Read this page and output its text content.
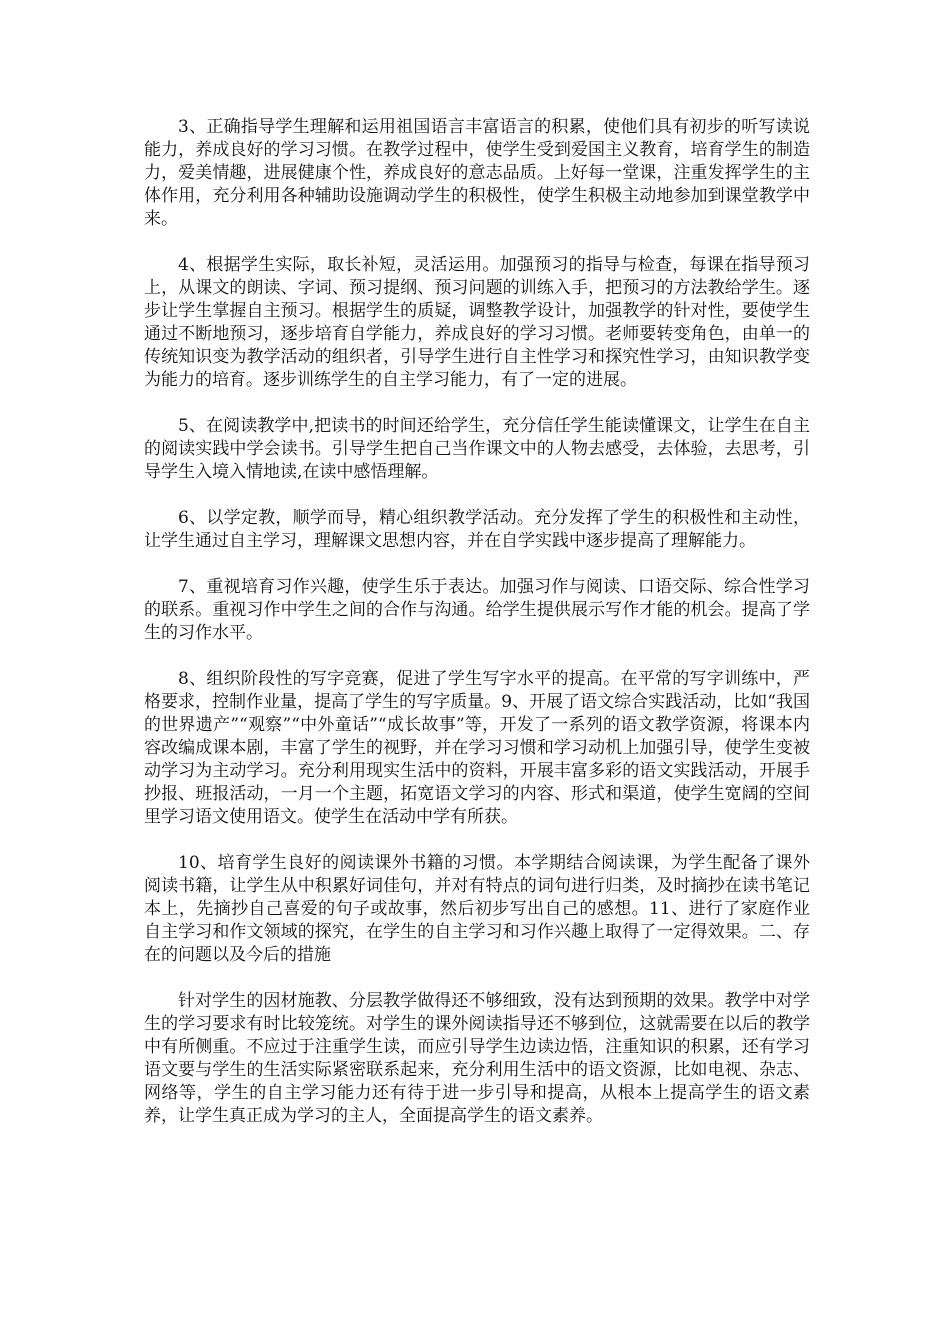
3、正确指导学生理解和运用祖国语言丰富语言的积累，使他们具有初步的听写读说能力，养成良好的学习习惯。在教学过程中，使学生受到爱国主义教育，培育学生的制造力，爱美情趣，进展健康个性，养成良好的意志品质。上好每一堂课，注重发挥学生的主体作用，充分利用各种辅助设施调动学生的积极性，使学生积极主动地参加到课堂教学中来。

4、根据学生实际，取长补短，灵活运用。加强预习的指导与检查，每课在指导预习上，从课文的朗读、字词、预习提纲、预习问题的训练入手，把预习的方法教给学生。逐步让学生掌握自主预习。根据学生的质疑，调整教学设计，加强教学的针对性，要使学生通过不断地预习，逐步培育自学能力，养成良好的学习习惯。老师要转变角色，由单一的传统知识变为教学活动的组织者，引导学生进行自主性学习和探究性学习，由知识教学变为能力的培育。逐步训练学生的自主学习能力，有了一定的进展。

5、在阅读教学中,把读书的时间还给学生，充分信任学生能读懂课文，让学生在自主的阅读实践中学会读书。引导学生把自己当作课文中的人物去感受，去体验，去思考，引导学生入境入情地读,在读中感悟理解。

6、以学定教，顺学而导，精心组织教学活动。充分发挥了学生的积极性和主动性，让学生通过自主学习，理解课文思想内容，并在自学实践中逐步提高了理解能力。

7、重视培育习作兴趣，使学生乐于表达。加强习作与阅读、口语交际、综合性学习的联系。重视习作中学生之间的合作与沟通。给学生提供展示写作才能的机会。提高了学生的习作水平。

8、组织阶段性的写字竞赛，促进了学生写字水平的提高。在平常的写字训练中，严格要求，控制作业量，提高了学生的写字质量。9、开展了语文综合实践活动，比如“我国的世界遗产”“观察”“中外童话”“成长故事”等，开发了一系列的语文教学资源，将课本内容改编成课本剧，丰富了学生的视野，并在学习习惯和学习动机上加强引导，使学生变被动学习为主动学习。充分利用现实生活中的资料，开展丰富多彩的语文实践活动，开展手抄报、班报活动，一月一个主题，拓宽语文学习的内容、形式和渠道，使学生宽阔的空间里学习语文使用语文。使学生在活动中学有所获。

10、培育学生良好的阅读课外书籍的习惯。本学期结合阅读课，为学生配备了课外阅读书籍，让学生从中积累好词佳句，并对有特点的词句进行归类，及时摘抄在读书笔记本上，先摘抄自己喜爱的句子或故事，然后初步写出自己的感想。11、进行了家庭作业自主学习和作文领域的探究，在学生的自主学习和习作兴趣上取得了一定得效果。二、存在的问题以及今后的措施

针对学生的因材施教、分层教学做得还不够细致，没有达到预期的效果。教学中对学生的学习要求有时比较笼统。对学生的课外阅读指导还不够到位，这就需要在以后的教学中有所侧重。不应过于注重学生读，而应引导学生边读边悟，注重知识的积累，还有学习语文要与学生的生活实际紧密联系起来，充分利用生活中的语文资源，比如电视、杂志、网络等，学生的自主学习能力还有待于进一步引导和提高，从根本上提高学生的语文素养，让学生真正成为学习的主人，全面提高学生的语文素养。
